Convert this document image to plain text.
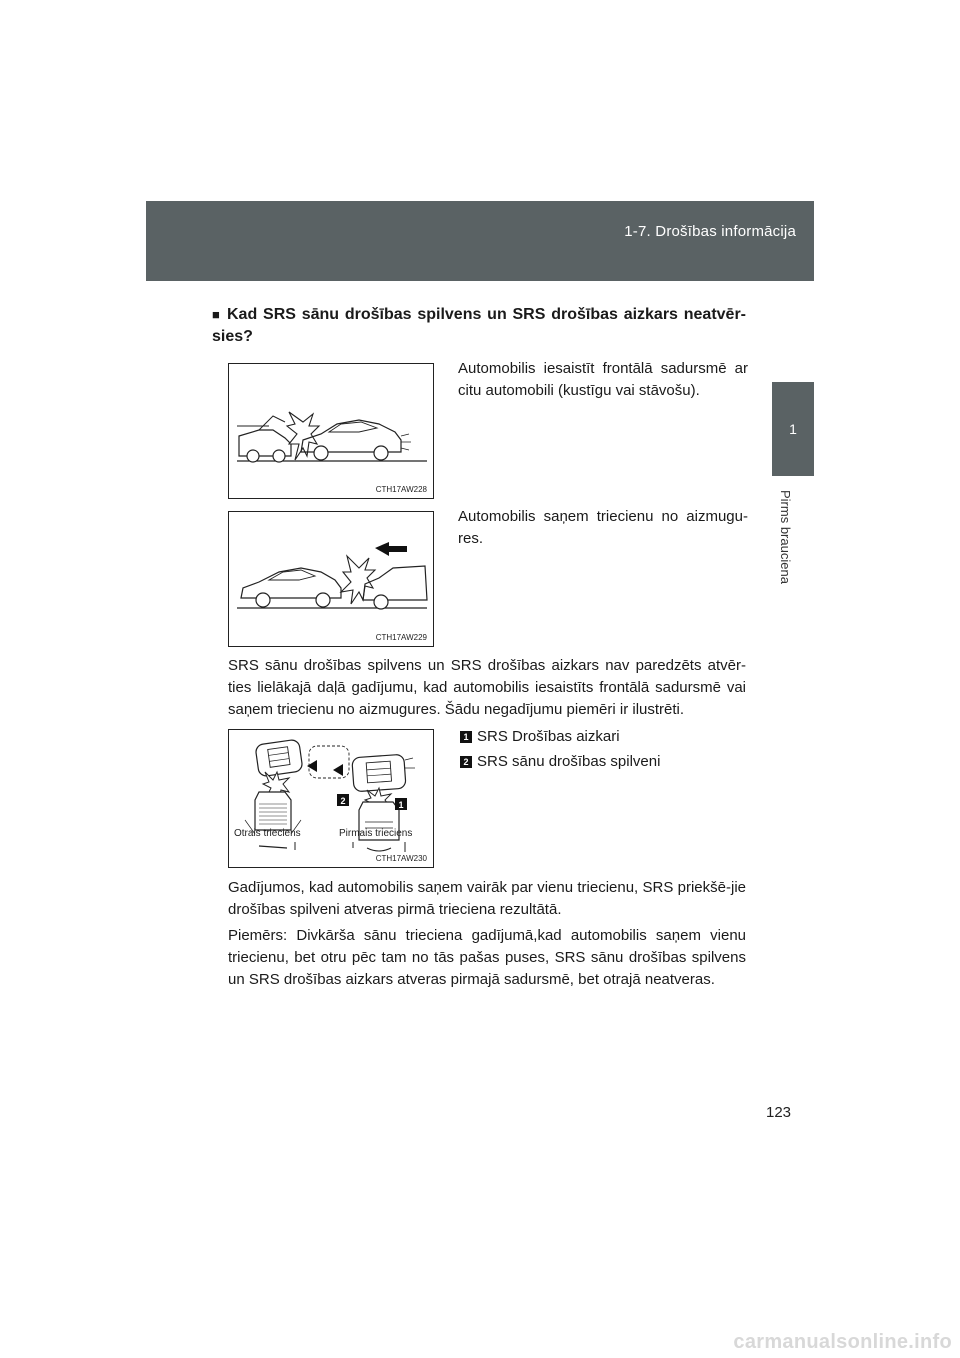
1-7. Drošības informācija
1
Pirms braucienа
■ Kad SRS sānu drošības spilvens un SRS drošības aizkars neatvēr-sies?
CTH17AW228
Automobilis iesaistīt frontālā sadursmē ar citu automobili (kustīgu vai stāvošu).
CTH17AW229
Automobilis saņem triecienu no aizmugu-res.
SRS sānu drošības spilvens un SRS drošības aizkars nav paredzēts atvēr-ties lielākajā daļā gadījumu, kad automobilis iesaistīts frontālā sadursmē vai saņem triecienu no aizmugures. Šādu negadījumu piemēri ir ilustrēti.
2	1
Otrais trieciens	Pirmais trieciens
CTH17AW230
1 SRS Drošības aizkari
2 SRS sānu drošības spilveni
Gadījumos, kad automobilis saņem vairāk par vienu triecienu, SRS priekšē-jie drošības spilveni atveras pirmā trieciena rezultātā.
Piemērs: Divkārša sānu trieciena gadījumā,kad automobilis saņem vienu triecienu, bet otru pēc tam no tās pašas puses, SRS sānu drošības spilvens un SRS drošības aizkars atveras pirmajā sadursmē, bet otrajā neatveras.
123
carmanualsonline.info
